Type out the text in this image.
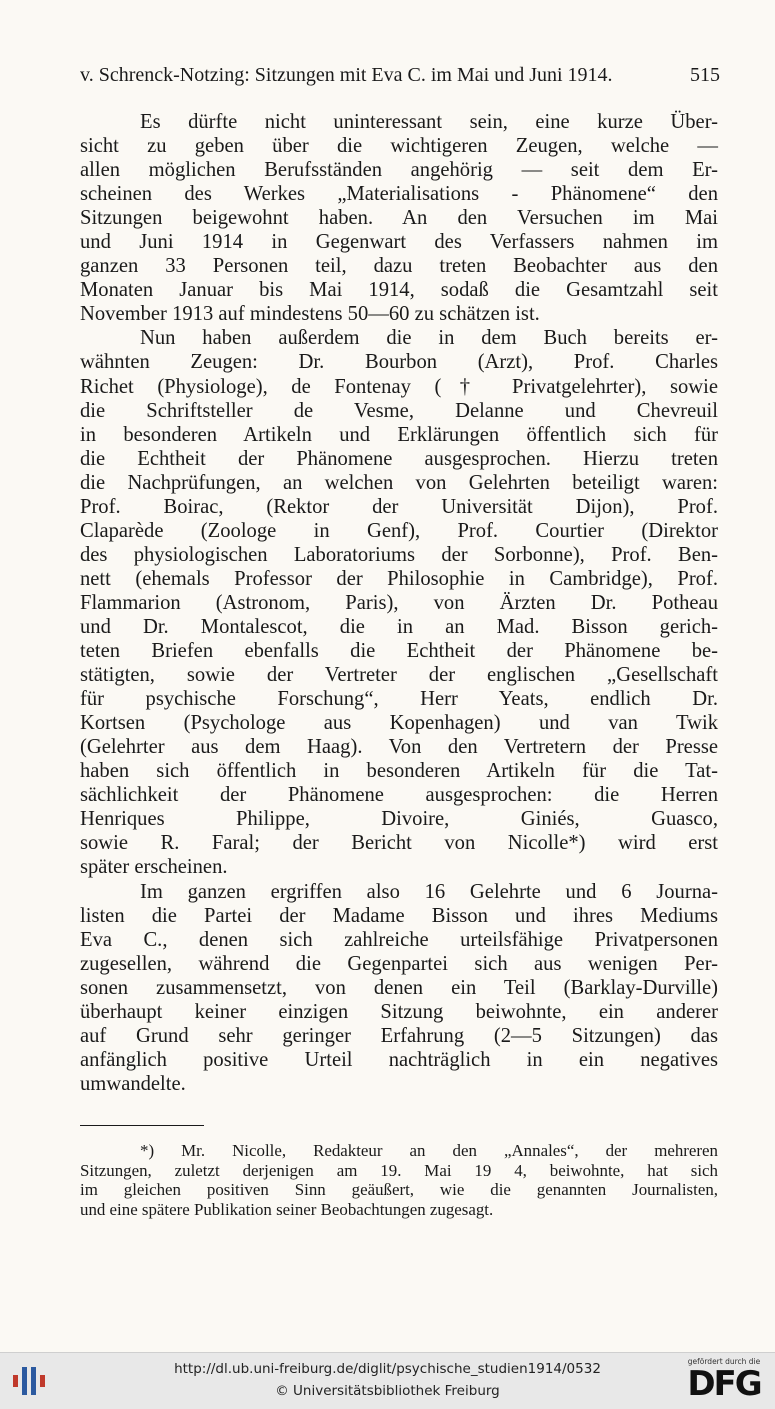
v. Schrenck-Notzing: Sitzungen mit Eva C. im Mai und Juni 1914.	515
Es dürfte nicht uninteressant sein, eine kurze Über-
sicht zu geben über die wichtigeren Zeugen, welche —
allen möglichen Berufsständen angehörig — seit dem Er-
scheinen des Werkes „Materialisations - Phänomene“ den
Sitzungen beigewohnt haben. An den Versuchen im Mai
und Juni 1914 in Gegenwart des Verfassers nahmen im
ganzen 33 Personen teil, dazu treten Beobachter aus den
Monaten Januar bis Mai 1914, sodaß die Gesamtzahl seit
November 1913 auf mindestens 50—60 zu schätzen ist.
Nun haben außerdem die in dem Buch bereits er-
wähnten Zeugen: Dr. Bourbon (Arzt), Prof. Charles
Richet (Physiologe), de Fontenay († Privatgelehrter), sowie
die Schriftsteller de Vesme, Delanne und Chevreuil
in besonderen Artikeln und Erklärungen öffentlich sich für
die Echtheit der Phänomene ausgesprochen. Hierzu treten
die Nachprüfungen, an welchen von Gelehrten beteiligt waren:
Prof. Boirac, (Rektor der Universität Dijon), Prof.
Claparède (Zoologe in Genf), Prof. Courtier (Direktor
des physiologischen Laboratoriums der Sorbonne), Prof. Ben-
nett (ehemals Professor der Philosophie in Cambridge), Prof.
Flammarion (Astronom, Paris), von Ärzten Dr. Potheau
und Dr. Montalescot, die in an Mad. Bisson gerich-
teten Briefen ebenfalls die Echtheit der Phänomene be-
stätigten, sowie der Vertreter der englischen „Gesellschaft
für psychische Forschung“, Herr Yeats, endlich Dr.
Kortsen (Psychologe aus Kopenhagen) und van Twik
(Gelehrter aus dem Haag). Von den Vertretern der Presse
haben sich öffentlich in besonderen Artikeln für die Tat-
sächlichkeit der Phänomene ausgesprochen: die Herren
Henriques Philippe, Divoire, Giniés, Guasco,
sowie R. Faral; der Bericht von Nicolle*) wird erst
später erscheinen.
Im ganzen ergriffen also 16 Gelehrte und 6 Journa-
listen die Partei der Madame Bisson und ihres Mediums
Eva C., denen sich zahlreiche urteilsfähige Privatpersonen
zugesellen, während die Gegenpartei sich aus wenigen Per-
sonen zusammensetzt, von denen ein Teil (Barklay-Durville)
überhaupt keiner einzigen Sitzung beiwohnte, ein anderer
auf Grund sehr geringer Erfahrung (2—5 Sitzungen) das
anfänglich positive Urteil nachträglich in ein negatives
umwandelte.
*) Mr. Nicolle, Redakteur an den „Annales“, der mehreren
Sitzungen, zuletzt derjenigen am 19. Mai 19 4, beiwohnte, hat sich
im gleichen positiven Sinn geäußert, wie die genannten Journalisten,
und eine spätere Publikation seiner Beobachtungen zugesagt.
http://dl.ub.uni-freiburg.de/diglit/psychische_studien1914/0532
© Universitätsbibliothek Freiburg
gefördert durch die
DFG
